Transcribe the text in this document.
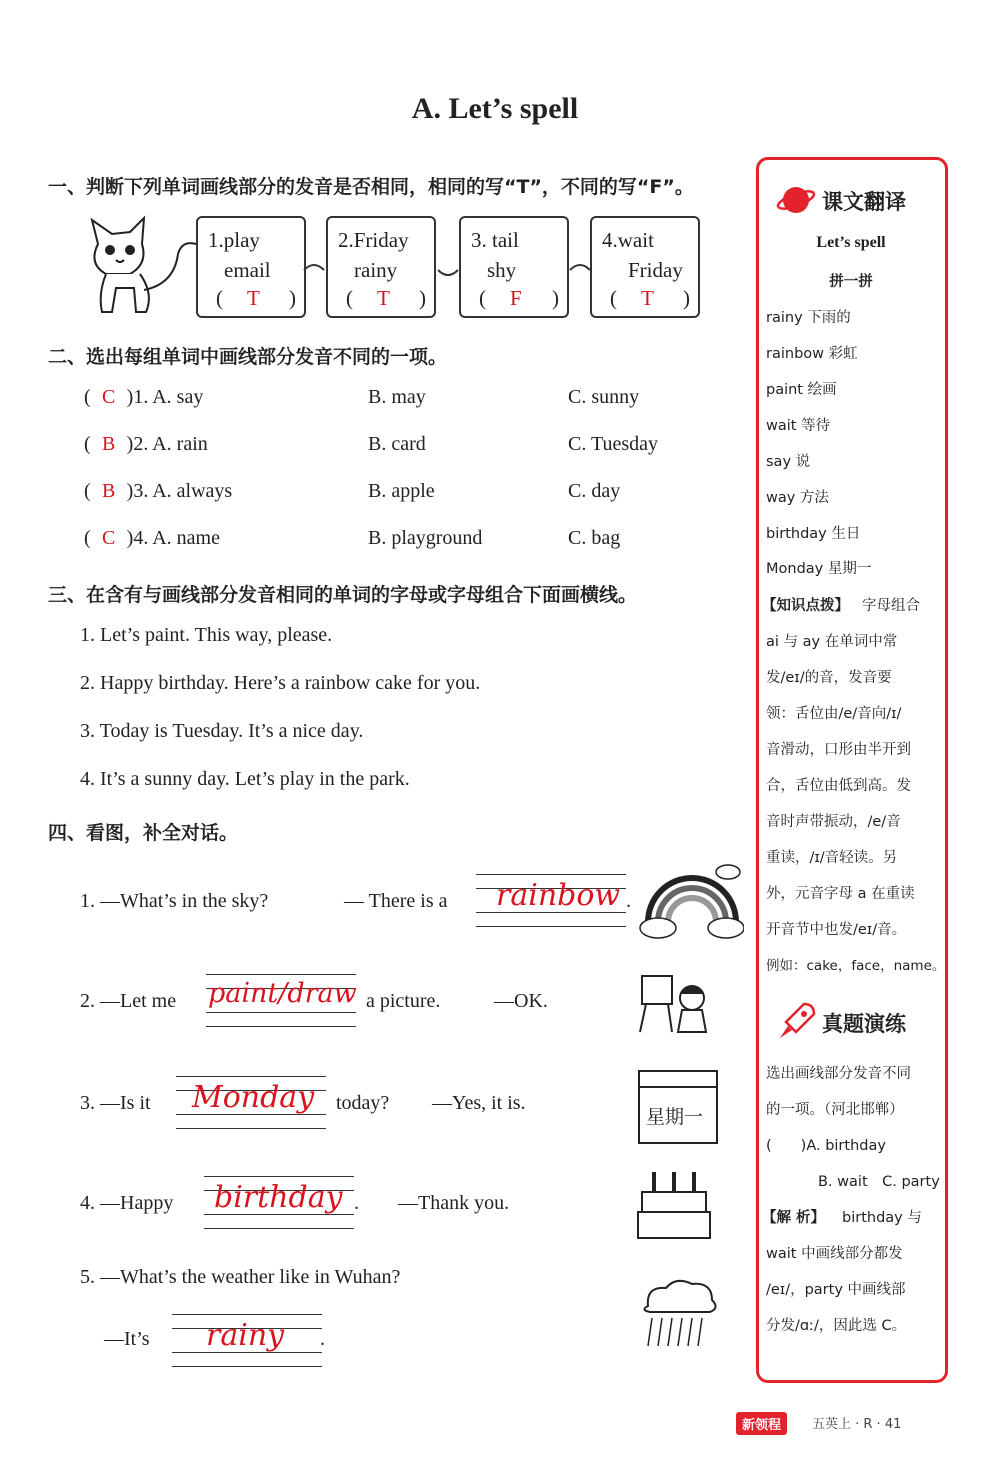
A. Let’s spell
一、判断下列单词画线部分的发音是否相同，相同的写“T”，不同的写“F”。
1.play
email
( T )
2.Friday
rainy
( T )
3. tail
shy
( F )
4.wait
Friday
( T )
二、选出每组单词中画线部分发音不同的一项。
( C )1. A. say	B. may	C. sunny
( B )2. A. rain	B. card	C. Tuesday
( B )3. A. always	B. apple	C. day
( C )4. A. name	B. playground	C. bag
三、在含有与画线部分发音相同的单词的字母或字母组合下面画横线。
1. Let’s paint. This way, please.
2. Happy birthday. Here’s a rainbow cake for you.
3. Today is Tuesday. It’s a nice day.
4. It’s a sunny day. Let’s play in the park.
四、看图，补全对话。
1. —What’s in the sky?	— There is a rainbow .
2. —Let me paint/draw a picture.	—OK.
3. —Is it Monday today? —Yes, it is.
星期一
4. —Happy birthday . —Thank you.
5. —What’s the weather like in Wuhan?
—It’s rainy .
课文翻译
Let’s spell
拼一拼
rainy 下雨的
rainbow 彩虹
paint 绘画
wait 等待
say 说
way 方法
birthday 生日
Monday 星期一
【知识点拨】 字母组合
ai 与 ay 在单词中常
发/eɪ/的音，发音要
领：舌位由/e/音向/ɪ/
音滑动，口形由半开到
合，舌位由低到高。发
音时声带振动，/e/音
重读，/ɪ/音轻读。另
外，元音字母 a 在重读
开音节中也发/eɪ/音。
例如：cake，face，name。
真题演练
选出画线部分发音不同
的一项。（河北邯郸）
(　　)A. birthday
B. wait　C. party
【解 析】 birthday 与
wait 中画线部分都发
/eɪ/，party 中画线部
分发/ɑː/，因此选 C。
新领程	五英上 · R · 41
